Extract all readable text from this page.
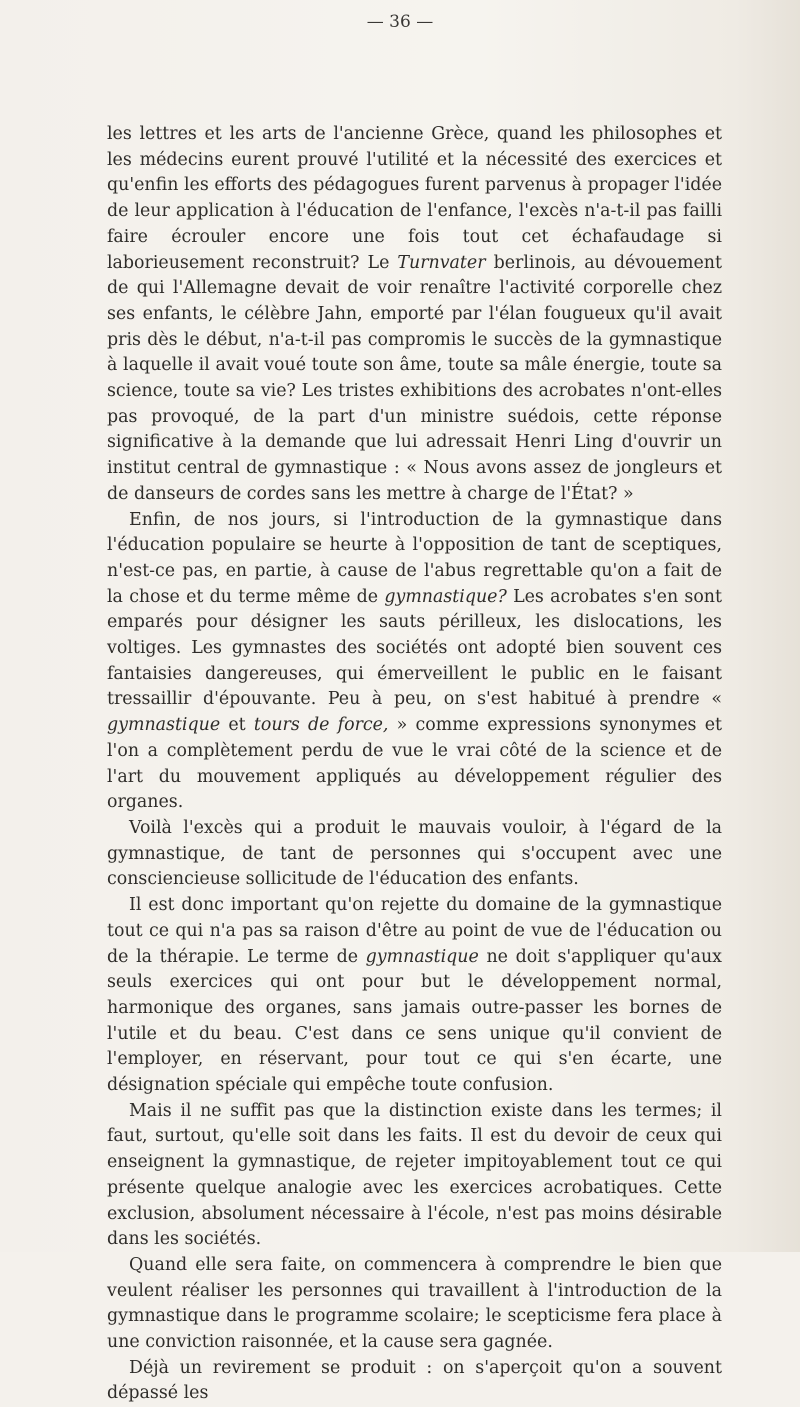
— 36 —

les lettres et les arts de l'ancienne Grèce, quand les philosophes et les médecins eurent prouvé l'utilité et la nécessité des exercices et qu'enfin les efforts des pédagogues furent parvenus à propager l'idée de leur application à l'éducation de l'enfance, l'excès n'a-t-il pas failli faire écrouler encore une fois tout cet échafaudage si laborieusement reconstruit? Le Turnvater berlinois, au dévouement de qui l'Allemagne devait de voir renaître l'activité corporelle chez ses enfants, le célèbre Jahn, emporté par l'élan fougueux qu'il avait pris dès le début, n'a-t-il pas compromis le succès de la gymnastique à laquelle il avait voué toute son âme, toute sa mâle énergie, toute sa science, toute sa vie? Les tristes exhibitions des acrobates n'ont-elles pas provoqué, de la part d'un ministre suédois, cette réponse significative à la demande que lui adressait Henri Ling d'ouvrir un institut central de gymnastique : « Nous avons assez de jongleurs et de danseurs de cordes sans les mettre à charge de l'État? »

Enfin, de nos jours, si l'introduction de la gymnastique dans l'éducation populaire se heurte à l'opposition de tant de sceptiques, n'est-ce pas, en partie, à cause de l'abus regrettable qu'on a fait de la chose et du terme même de gymnastique? Les acrobates s'en sont emparés pour désigner les sauts périlleux, les dislocations, les voltiges. Les gymnastes des sociétés ont adopté bien souvent ces fantaisies dangereuses, qui émerveillent le public en le faisant tressaillir d'épouvante. Peu à peu, on s'est habitué à prendre « gymnastique et tours de force, » comme expressions synonymes et l'on a complètement perdu de vue le vrai côté de la science et de l'art du mouvement appliqués au développement régulier des organes.

Voilà l'excès qui a produit le mauvais vouloir, à l'égard de la gymnastique, de tant de personnes qui s'occupent avec une consciencieuse sollicitude de l'éducation des enfants.

Il est donc important qu'on rejette du domaine de la gymnastique tout ce qui n'a pas sa raison d'être au point de vue de l'éducation ou de la thérapie. Le terme de gymnastique ne doit s'appliquer qu'aux seuls exercices qui ont pour but le développement normal, harmonique des organes, sans jamais outre-passer les bornes de l'utile et du beau. C'est dans ce sens unique qu'il convient de l'employer, en réservant, pour tout ce qui s'en écarte, une désignation spéciale qui empêche toute confusion.

Mais il ne suffit pas que la distinction existe dans les termes; il faut, surtout, qu'elle soit dans les faits. Il est du devoir de ceux qui enseignent la gymnastique, de rejeter impitoyablement tout ce qui présente quelque analogie avec les exercices acrobatiques. Cette exclusion, absolument nécessaire à l'école, n'est pas moins désirable dans les sociétés.

Quand elle sera faite, on commencera à comprendre le bien que veulent réaliser les personnes qui travaillent à l'introduction de la gymnastique dans le programme scolaire; le scepticisme fera place à une conviction raisonnée, et la cause sera gagnée.

Déjà un revirement se produit : on s'aperçoit qu'on a souvent dépassé les
